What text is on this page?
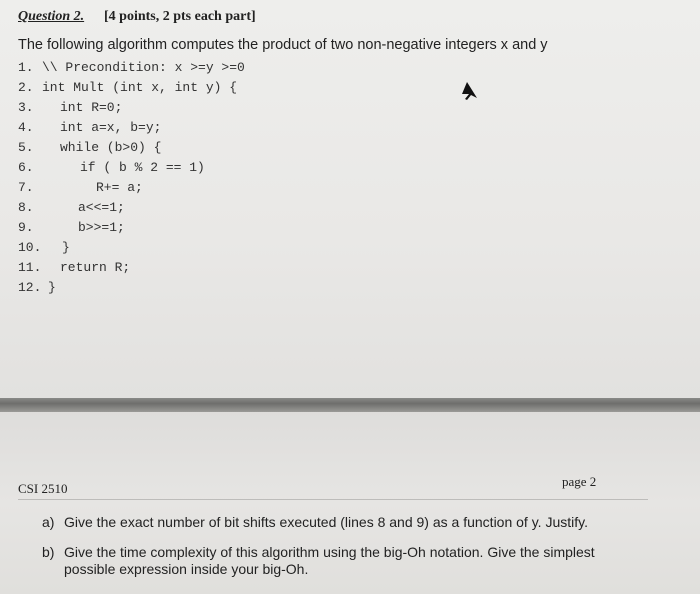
Question 2. [4 points, 2 pts each part]
The following algorithm computes the product of two non-negative integers x and y
1. \\ Precondition: x >=y >=0
2. int Mult (int x, int y) {
3. int R=0;
4. int a=x, b=y;
5. while (b>0) {
6.	if ( b % 2 == 1)
7.	R+= a;
8.	a<<=1;
9.	b>>=1;
10. }
11. return R;
12. }
CSI 2510	page 2
a) Give the exact number of bit shifts executed (lines 8 and 9) as a function of y. Justify.
b) Give the time complexity of this algorithm using the big-Oh notation. Give the simplest possible expression inside your big-Oh.
